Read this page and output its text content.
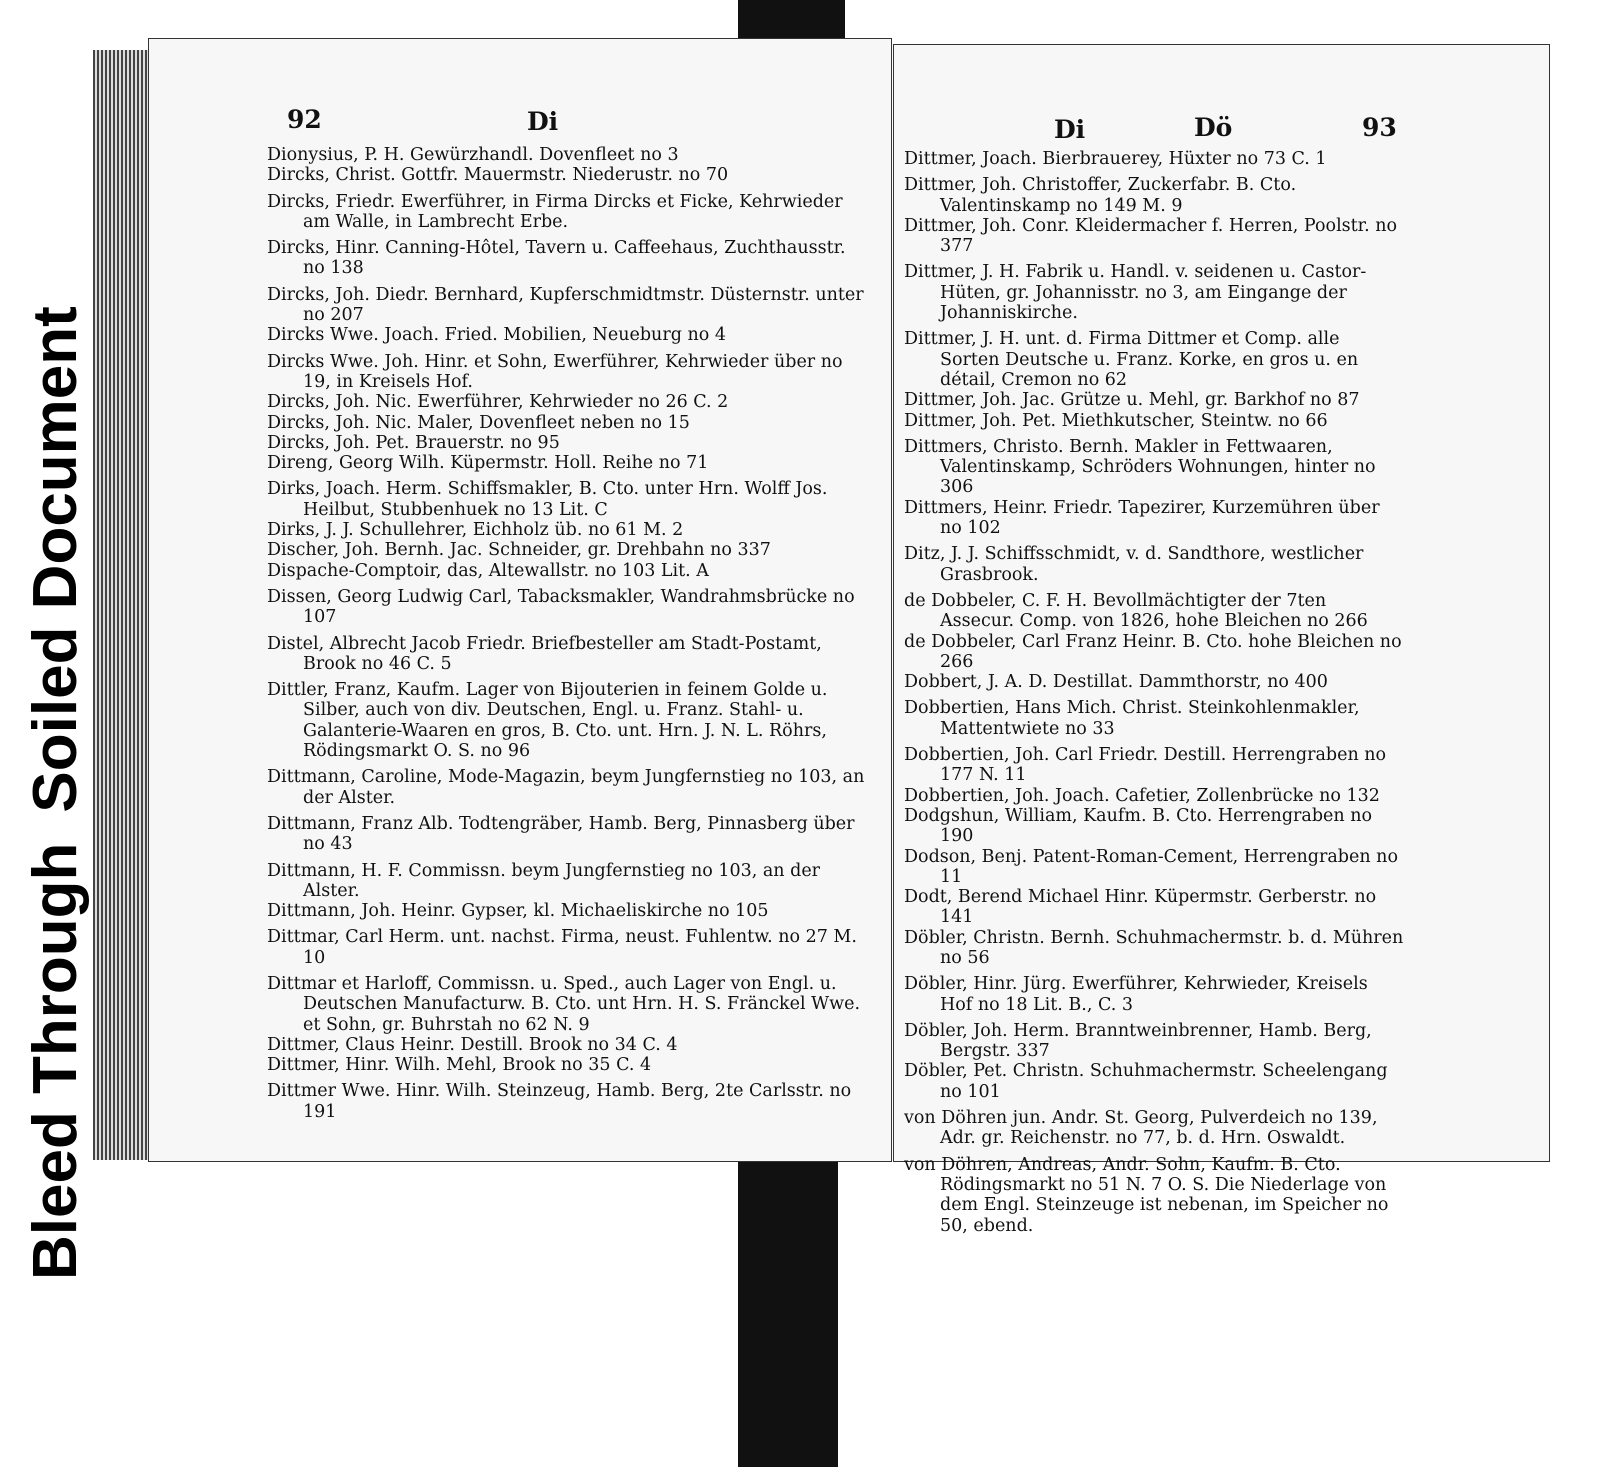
Bleed ThroughSoiled Document
92	Di

Dionysius, P. H. Gewürzhandl. Dovenfleet no 3

Dircks, Christ. Gottfr. Mauermstr. Niederustr. no 70

Dircks, Friedr. Ewerführer, in Firma Dircks et Ficke, Kehrwieder am Walle, in Lambrecht Erbe.

Dircks, Hinr. Canning-Hôtel, Tavern u. Caffeehaus, Zuchthausstr. no 138

Dircks, Joh. Diedr. Bernhard, Kupferschmidtmstr. Düsternstr. unter no 207

Dircks Wwe. Joach. Fried. Mobilien, Neueburg no 4

Dircks Wwe. Joh. Hinr. et Sohn, Ewerführer, Kehrwieder über no 19, in Kreisels Hof.

Dircks, Joh. Nic. Ewerführer, Kehrwieder no 26 C. 2

Dircks, Joh. Nic. Maler, Dovenfleet neben no 15

Dircks, Joh. Pet. Brauerstr. no 95

Direng, Georg Wilh. Küpermstr. Holl. Reihe no 71

Dirks, Joach. Herm. Schiffsmakler, B. Cto. unter Hrn. Wolff Jos. Heilbut, Stubbenhuek no 13 Lit. C

Dirks, J. J. Schullehrer, Eichholz üb. no 61 M. 2

Discher, Joh. Bernh. Jac. Schneider, gr. Drehbahn no 337

Dispache-Comptoir, das, Altewallstr. no 103 Lit. A

Dissen, Georg Ludwig Carl, Tabacksmakler, Wandrahmsbrücke no 107

Distel, Albrecht Jacob Friedr. Briefbesteller am Stadt-Postamt, Brook no 46 C. 5

Dittler, Franz, Kaufm. Lager von Bijouterien in feinem Golde u. Silber, auch von div. Deutschen, Engl. u. Franz. Stahl- u. Galanterie-Waaren en gros, B. Cto. unt. Hrn. J. N. L. Röhrs, Rödingsmarkt O. S. no 96

Dittmann, Caroline, Mode-Magazin, beym Jungfernstieg no 103, an der Alster.

Dittmann, Franz Alb. Todtengräber, Hamb. Berg, Pinnasberg über no 43

Dittmann, H. F. Commissn. beym Jungfernstieg no 103, an der Alster.

Dittmann, Joh. Heinr. Gypser, kl. Michaeliskirche no 105

Dittmar, Carl Herm. unt. nachst. Firma, neust. Fuhlentw. no 27 M. 10

Dittmar et Harloff, Commissn. u. Sped., auch Lager von Engl. u. Deutschen Manufacturw. B. Cto. unt Hrn. H. S. Fränckel Wwe. et Sohn, gr. Buhrstah no 62 N. 9

Dittmer, Claus Heinr. Destill. Brook no 34 C. 4

Dittmer, Hinr. Wilh. Mehl, Brook no 35 C. 4

Dittmer Wwe. Hinr. Wilh. Steinzeug, Hamb. Berg, 2te Carlsstr. no 191

Di	Dö	93

Dittmer, Joach. Bierbrauerey, Hüxter no 73 C. 1

Dittmer, Joh. Christoffer, Zuckerfabr. B. Cto. Valentinskamp no 149 M. 9

Dittmer, Joh. Conr. Kleidermacher f. Herren, Poolstr. no 377

Dittmer, J. H. Fabrik u. Handl. v. seidenen u. Castor-Hüten, gr. Johannisstr. no 3, am Eingange der Johanniskirche.

Dittmer, J. H. unt. d. Firma Dittmer et Comp. alle Sorten Deutsche u. Franz. Korke, en gros u. en détail, Cremon no 62

Dittmer, Joh. Jac. Grütze u. Mehl, gr. Barkhof no 87

Dittmer, Joh. Pet. Miethkutscher, Steintw. no 66

Dittmers, Christo. Bernh. Makler in Fettwaaren, Valentinskamp, Schröders Wohnungen, hinter no 306

Dittmers, Heinr. Friedr. Tapezirer, Kurzemühren über no 102

Ditz, J. J. Schiffsschmidt, v. d. Sandthore, westlicher Grasbrook.

de Dobbeler, C. F. H. Bevollmächtigter der 7ten Assecur. Comp. von 1826, hohe Bleichen no 266

de Dobbeler, Carl Franz Heinr. B. Cto. hohe Bleichen no 266

Dobbert, J. A. D. Destillat. Dammthorstr, no 400

Dobbertien, Hans Mich. Christ. Steinkohlenmakler, Mattentwiete no 33

Dobbertien, Joh. Carl Friedr. Destill. Herrengraben no 177 N. 11

Dobbertien, Joh. Joach. Cafetier, Zollenbrücke no 132

Dodgshun, William, Kaufm. B. Cto. Herrengraben no 190

Dodson, Benj. Patent-Roman-Cement, Herrengraben no 11

Dodt, Berend Michael Hinr. Küpermstr. Gerberstr. no 141

Döbler, Christn. Bernh. Schuhmachermstr. b. d. Mühren no 56

Döbler, Hinr. Jürg. Ewerführer, Kehrwieder, Kreisels Hof no 18 Lit. B., C. 3

Döbler, Joh. Herm. Branntweinbrenner, Hamb. Berg, Bergstr. 337

Döbler, Pet. Christn. Schuhmachermstr. Scheelengang no 101

von Döhren jun. Andr. St. Georg, Pulverdeich no 139, Adr. gr. Reichenstr. no 77, b. d. Hrn. Oswaldt.

von Döhren, Andreas, Andr. Sohn, Kaufm. B. Cto. Rödingsmarkt no 51 N. 7 O. S. Die Niederlage von dem Engl. Steinzeuge ist nebenan, im Speicher no 50, ebend.
